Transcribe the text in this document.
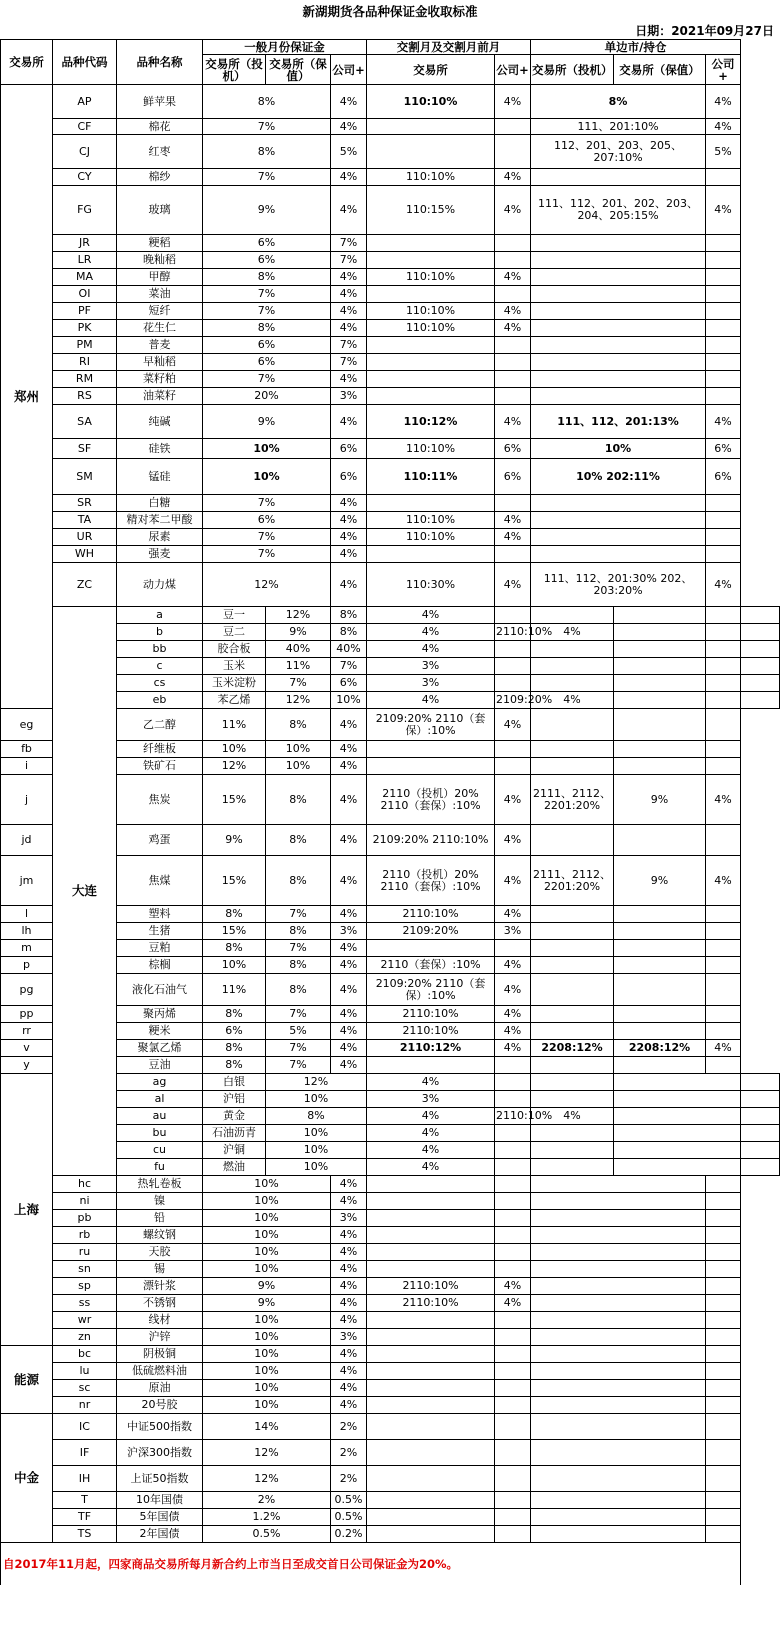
新湖期货各品种保证金收取标准
日期：2021年09月27日
交易所	品种代码	品种名称	一般月份保证金			交割月及交割月前月		单边市/持仓			
			交易所（投机）	交易所（保值）	公司+	交易所	公司+	交易所（投机）	交易所（保值）	公司+	
郑州	AP	鲜苹果	8%		4%	110:10%	4%	8%		4%	
	CF	棉花	7%		4%			111、201:10%		4%	
	CJ	红枣	8%		5%			112、201、203、205、207:10%		5%	
	CY	棉纱	7%		4%	110:10%	4%				
	FG	玻璃	9%		4%	110:15%	4%	111、112、201、202、203、204、205:15%		4%	
	JR	粳稻	6%		7%						
	LR	晚籼稻	6%		7%						
	MA	甲醇	8%		4%	110:10%	4%				
	OI	菜油	7%		4%						
	PF	短纤	7%		4%	110:10%	4%				
	PK	花生仁	8%		4%	110:10%	4%				
	PM	普麦	6%		7%						
	RI	早籼稻	6%		7%						
	RM	菜籽粕	7%		4%						
	RS	油菜籽	20%		3%						
	SA	纯碱	9%		4%	110:12%	4%	111、112、201:13%		4%	
	SF	硅铁	10%		6%	110:10%	6%	10%		6%	
	SM	锰硅	10%		6%	110:11%	6%	10% 202:11%		6%	
	SR	白糖	7%		4%						
	TA	精对苯二甲酸	6%		4%	110:10%	4%				
	UR	尿素	7%		4%	110:10%	4%				
	WH	强麦	7%		4%						
	ZC	动力煤	12%		4%	110:30%	4%	111、112、201:30% 202、203:20%		4%	
	大连	a	豆一	12%	8%	4%					
		b	豆二	9%	8%	4%	2110:10%	4%			
		bb	胶合板	40%	40%	4%					
		c	玉米	11%	7%	3%					
		cs	玉米淀粉	7%	6%	3%					
		eb	苯乙烯	12%	10%	4%	2109:20%	4%			
eg		乙二醇	11%	8%	4%	2109:20% 2110（套保）:10%	4%				
fb		纤维板	10%	10%	4%						
i		铁矿石	12%	10%	4%						
j		焦炭	15%	8%	4%	2110（投机）20% 2110（套保）:10%	4%	2111、2112、2201:20%	9%	4%	
jd		鸡蛋	9%	8%	4%	2109:20% 2110:10%	4%				
jm		焦煤	15%	8%	4%	2110（投机）20% 2110（套保）:10%	4%	2111、2112、2201:20%	9%	4%	
l		塑料	8%	7%	4%	2110:10%	4%				
lh		生猪	15%	8%	3%	2109:20%	3%				
m		豆粕	8%	7%	4%						
p		棕榈	10%	8%	4%	2110（套保）:10%	4%				
pg		液化石油气	11%	8%	4%	2109:20% 2110（套保）:10%	4%				
pp		聚丙烯	8%	7%	4%	2110:10%	4%				
rr		粳米	6%	5%	4%	2110:10%	4%				
v		聚氯乙烯	8%	7%	4%	2110:12%	4%	2208:12%	2208:12%	4%	
y		豆油	8%	7%	4%						
上海		ag	白银	12%		4%					
		al	沪铝	10%		3%					
		au	黄金	8%		4%	2110:10%	4%			
		bu	石油沥青	10%		4%					
		cu	沪铜	10%		4%					
		fu	燃油	10%		4%					
	hc	热轧卷板	10%		4%						
	ni	镍	10%		4%						
	pb	铅	10%		3%						
	rb	螺纹钢	10%		4%						
	ru	天胶	10%		4%						
	sn	锡	10%		4%						
	sp	漂针浆	9%		4%	2110:10%	4%				
	ss	不锈钢	9%		4%	2110:10%	4%				
	wr	线材	10%		4%						
	zn	沪锌	10%		3%						
能源	bc	阴极铜	10%		4%						
	lu	低硫燃料油	10%		4%						
	sc	原油	10%		4%						
	nr	20号胶	10%		4%						
中金	IC	中证500指数	14%		2%						
	IF	沪深300指数	12%		2%						
	IH	上证50指数	12%		2%						
	T	10年国债	2%		0.5%						
	TF	5年国债	1.2%		0.5%						
	TS	2年国债	0.5%		0.2%						
自2017年11月起，四家商品交易所每月新合约上市当日至成交首日公司保证金为20%。											
